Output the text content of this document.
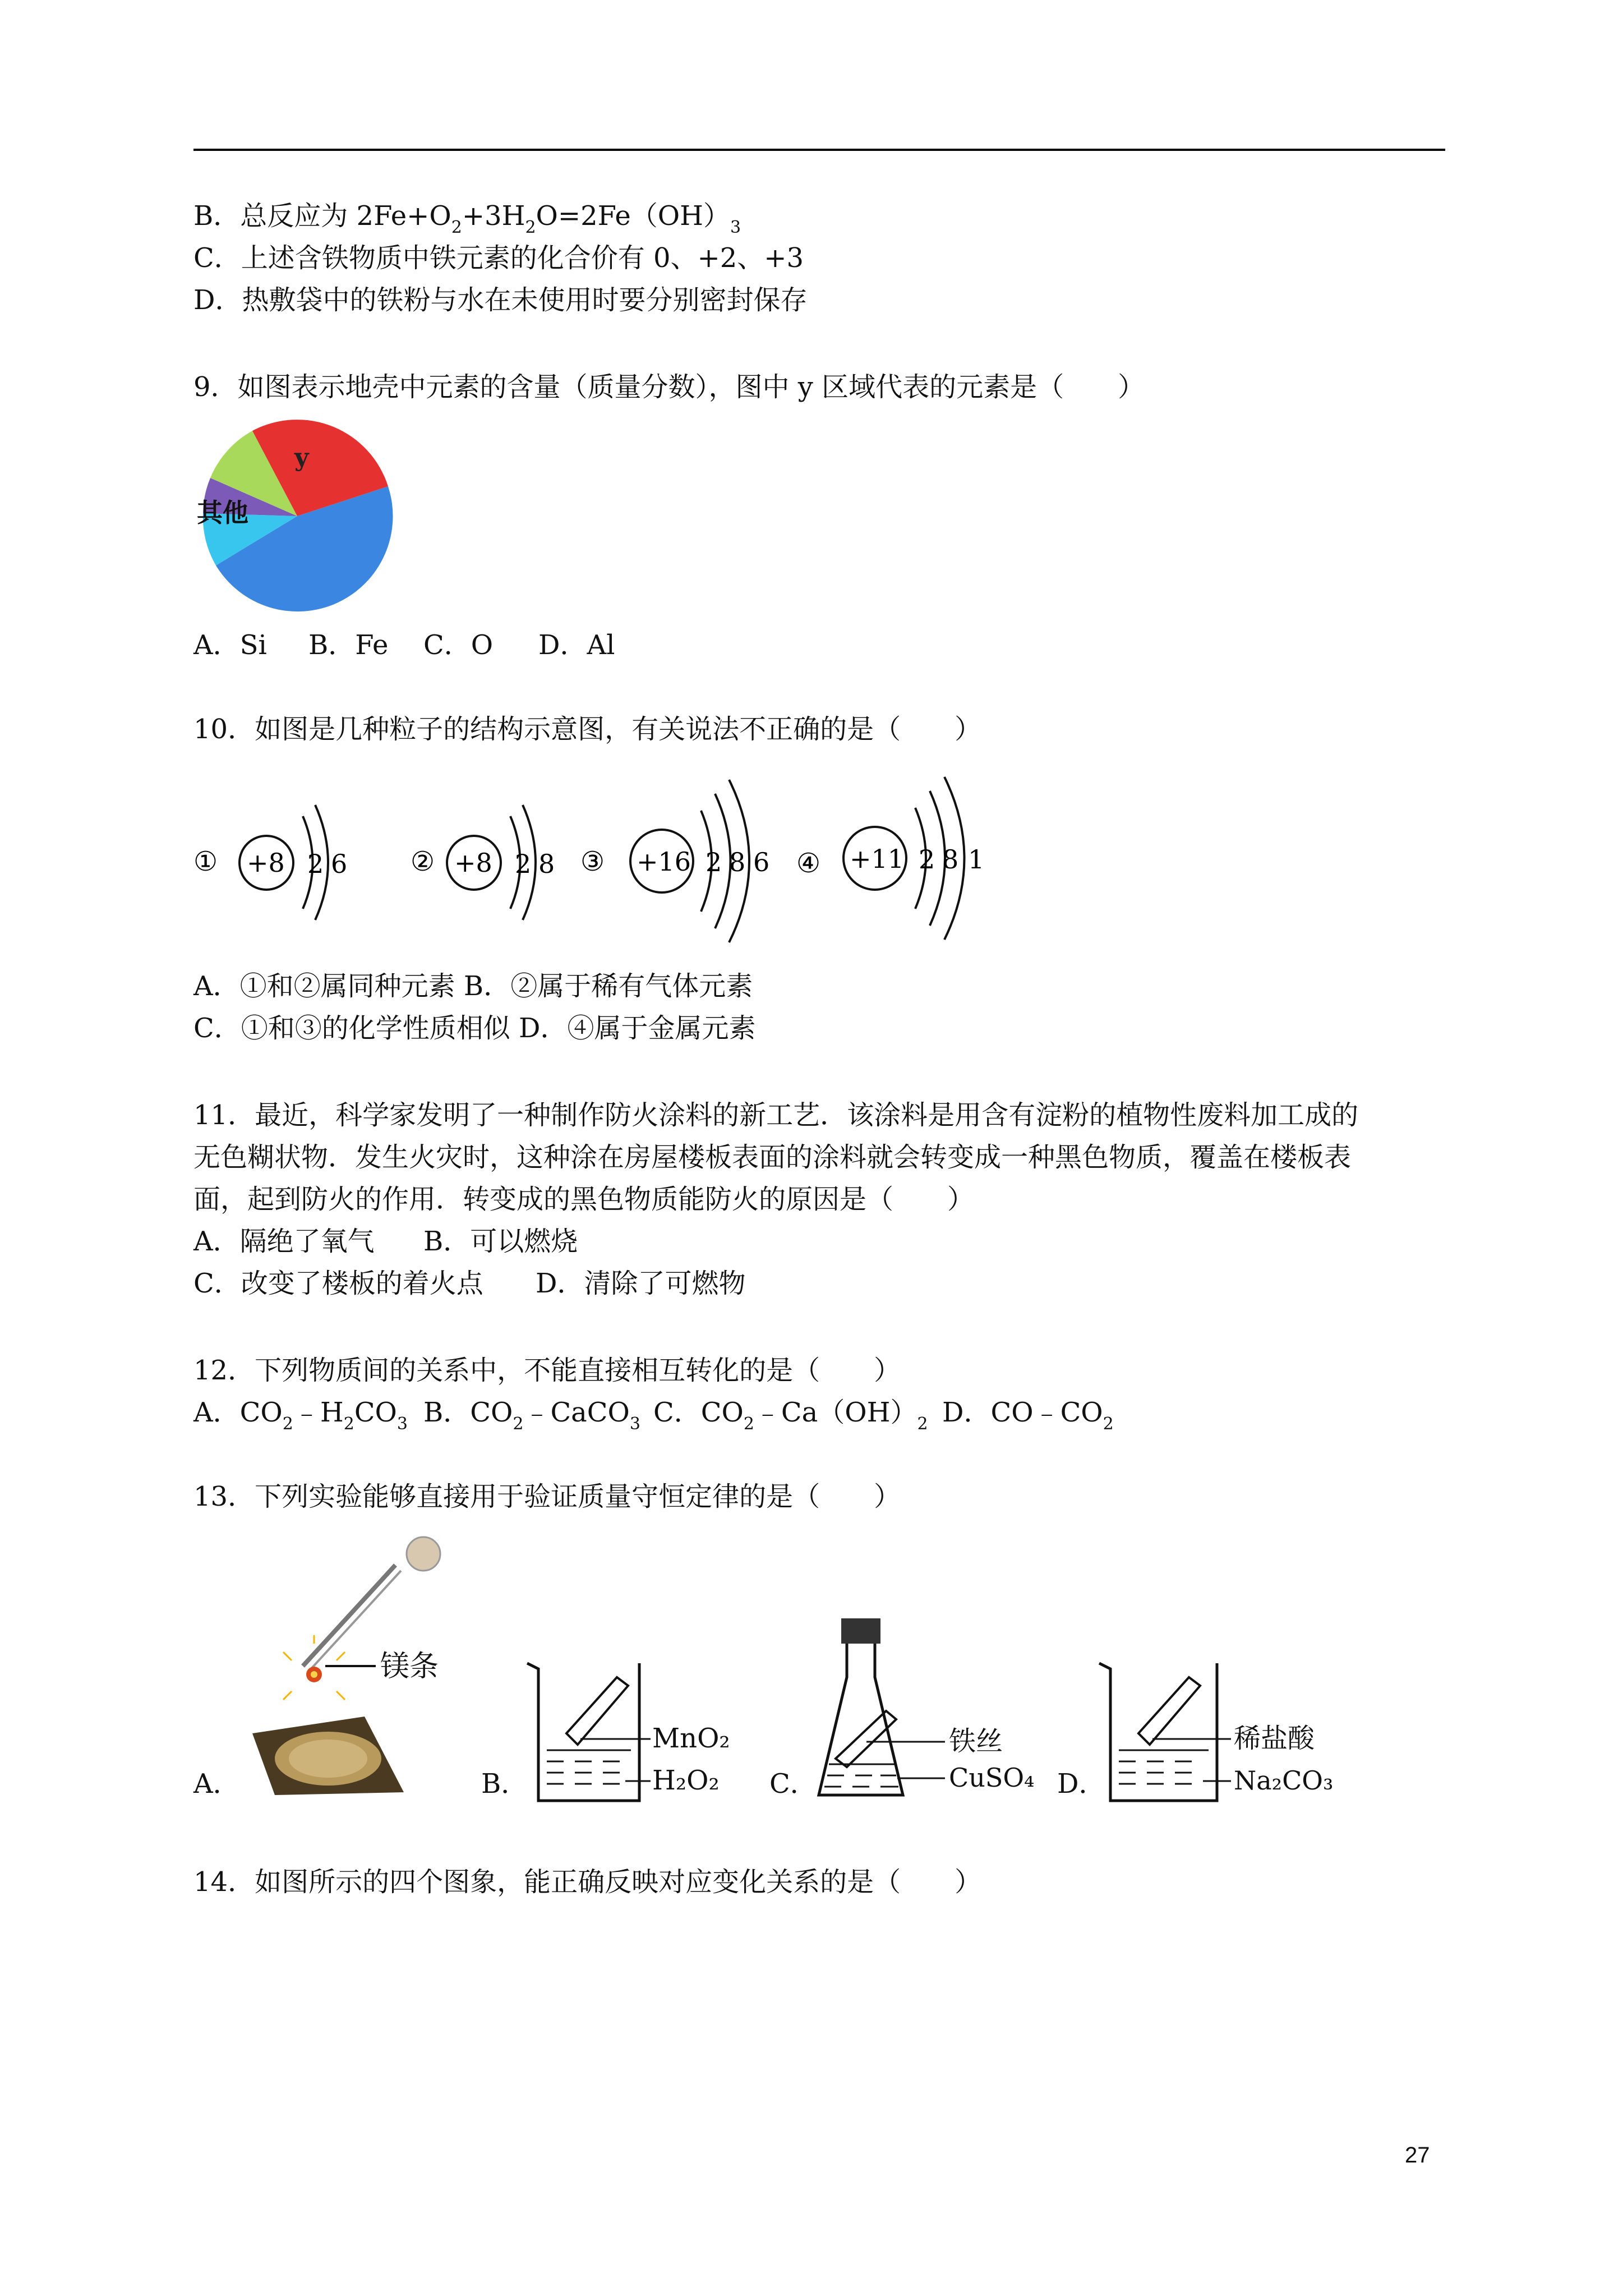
B．总反应为 $2Fe+O_2+3H_2O=2Fe(OH)_3$
C．上述含铁物质中铁元素的化合价有 0、+2、+3
D．热敷袋中的铁粉与水在未使用时要分别密封保存
9．如图表示地壳中元素的含量（质量分数），图中 y 区域代表的元素是（　　）
y
其他
A．Si B．Fe C．O D．Al
10．如图是几种粒子的结构示意图，有关说法不正确的是（　　）
① +8 2 6 ② +8 2 8 ③ +16 2 8 6 ④ +11 2 8 1
A．①和②属同种元素 B．②属于稀有气体元素
C．①和③的化学性质相似 D．④属于金属元素
11．最近，科学家发明了一种制作防火涂料的新工艺．该涂料是用含有淀粉的植物性废料加工成的
无色糊状物．发生火灾时，这种涂在房屋楼板表面的涂料就会转变成一种黑色物质，覆盖在楼板表
面，起到防火的作用．转变成的黑色物质能防火的原因是（　　）
A．隔绝了氧气 B．可以燃烧
C．改变了楼板的着火点 D．清除了可燃物
12．下列物质间的关系中，不能直接相互转化的是（　　）
A．$CO_2﹣H_2CO_3$ B．$CO_2﹣CaCO_3$ C．$CO_2﹣Ca(OH)_2$ D．$CO﹣CO_2$
13．下列实验能够直接用于验证质量守恒定律的是（　　）
A．	B．	C．	D．
镁条
MnO₂
H₂O₂
铁丝
CuSO₄
稀盐酸
Na₂CO₃
14．如图所示的四个图象，能正确反映对应变化关系的是（　　）
27
